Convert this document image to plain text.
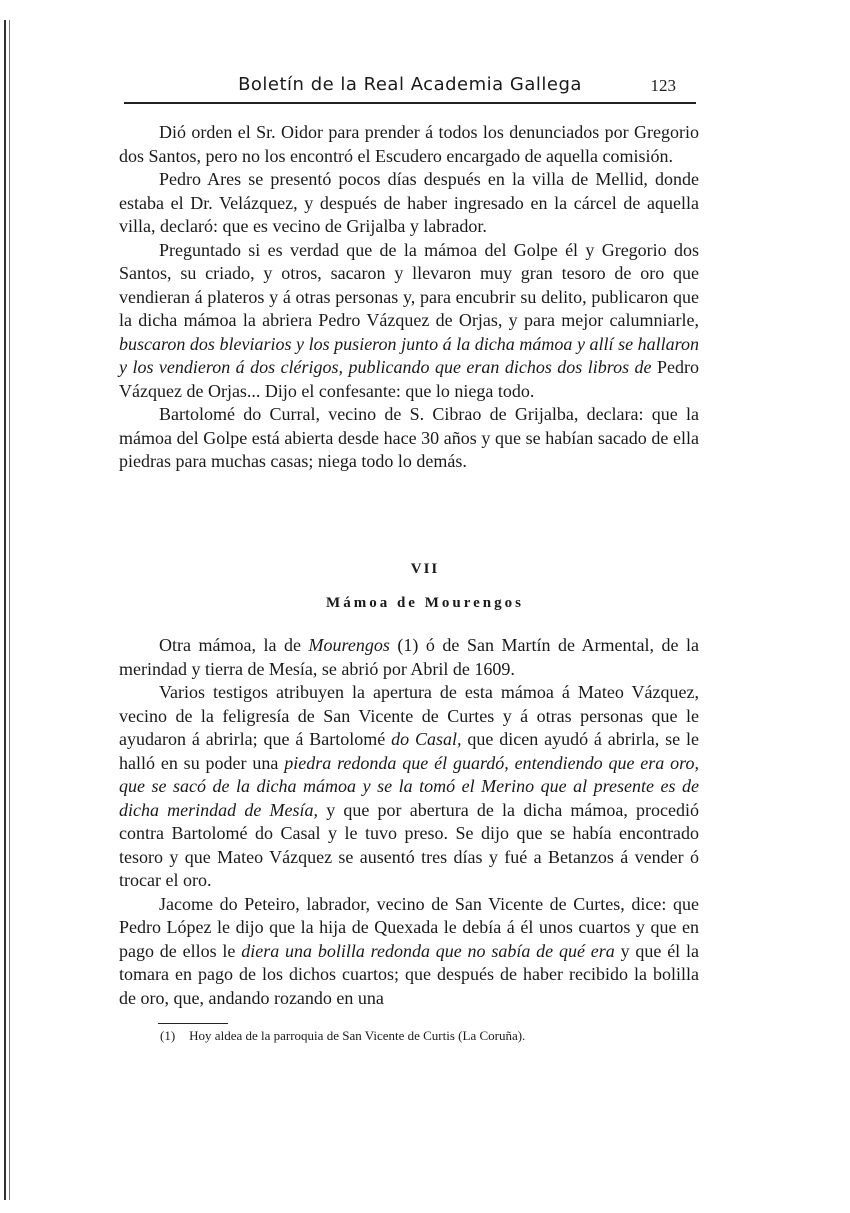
Boletín de la Real Academia Gallega	123

Dió orden el Sr. Oidor para prender á todos los denunciados por Gregorio dos Santos, pero no los encontró el Escudero encargado de aquella comisión.

Pedro Ares se presentó pocos días después en la villa de Mellid, donde estaba el Dr. Velázquez, y después de haber ingresado en la cárcel de aquella villa, declaró: que es vecino de Grijalba y labrador.

Preguntado si es verdad que de la mámoa del Golpe él y Gregorio dos Santos, su criado, y otros, sacaron y llevaron muy gran tesoro de oro que vendieran á plateros y á otras personas y, para encubrir su delito, publicaron que la dicha mámoa la abriera Pedro Vázquez de Orjas, y para mejor calumniarle, buscaron dos bleviarios y los pusieron junto á la dicha mámoa y allí se hallaron y los vendieron á dos clérigos, publicando que eran dichos dos libros de Pedro Vázquez de Orjas... Dijo el confesante: que lo niega todo.

Bartolomé do Curral, vecino de S. Cibrao de Grijalba, declara: que la mámoa del Golpe está abierta desde hace 30 años y que se habían sacado de ella piedras para muchas casas; niega todo lo demás.

VII
Mámoa de Mourengos

Otra mámoa, la de Mourengos (1) ó de San Martín de Armental, de la merindad y tierra de Mesía, se abrió por Abril de 1609.

Varios testigos atribuyen la apertura de esta mámoa á Mateo Vázquez, vecino de la feligresía de San Vicente de Curtes y á otras personas que le ayudaron á abrirla; que á Bartolomé do Casal, que dicen ayudó á abrirla, se le halló en su poder una piedra redonda que él guardó, entendiendo que era oro, que se sacó de la dicha mámoa y se la tomó el Merino que al presente es de dicha merindad de Mesía, y que por abertura de la dicha mámoa, procedió contra Bartolomé do Casal y le tuvo preso. Se dijo que se había encontrado tesoro y que Mateo Vázquez se ausentó tres días y fué a Betanzos á vender ó trocar el oro.

Jacome do Peteiro, labrador, vecino de San Vicente de Curtes, dice: que Pedro López le dijo que la hija de Quexada le debía á él unos cuartos y que en pago de ellos le diera una bolilla redonda que no sabía de qué era y que él la tomara en pago de los dichos cuartos; que después de haber recibido la bolilla de oro, que, andando rozando en una

(1) Hoy aldea de la parroquia de San Vicente de Curtis (La Coruña).
